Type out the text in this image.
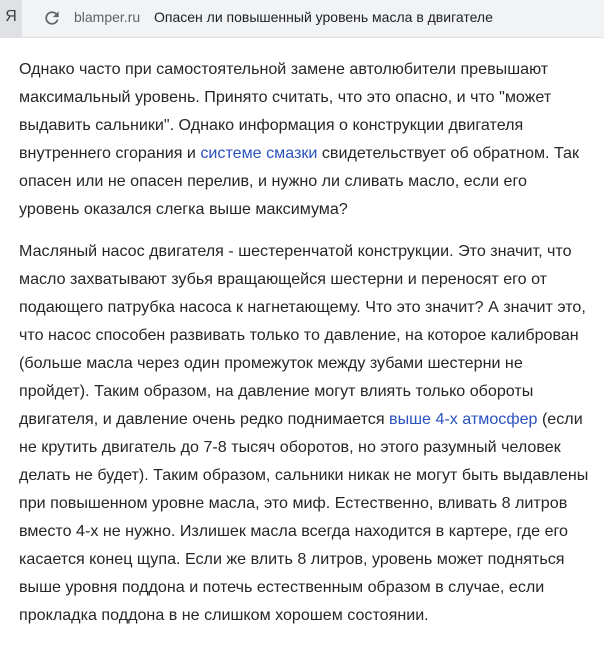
Я	blamper.ru Опасен ли повышенный уровень масла в двигателе

Однако часто при самостоятельной замене автолюбители превышают максимальный уровень. Принято считать, что это опасно, и что "может выдавить сальники". Однако информация о конструкции двигателя внутреннего сгорания и системе смазки свидетельствует об обратном. Так опасен или не опасен перелив, и нужно ли сливать масло, если его уровень оказался слегка выше максимума?

Масляный насос двигателя - шестеренчатой конструкции. Это значит, что масло захватывают зубья вращающейся шестерни и переносят его от подающего патрубка насоса к нагнетающему. Что это значит? А значит это, что насос способен развивать только то давление, на которое калиброван (больше масла через один промежуток между зубами шестерни не пройдет). Таким образом, на давление могут влиять только обороты двигателя, и давление очень редко поднимается выше 4-х атмосфер (если не крутить двигатель до 7-8 тысяч оборотов, но этого разумный человек делать не будет). Таким образом, сальники никак не могут быть выдавлены при повышенном уровне масла, это миф. Естественно, вливать 8 литров вместо 4-х не нужно. Излишек масла всегда находится в картере, где его касается конец щупа. Если же влить 8 литров, уровень может подняться выше уровня поддона и потечь естественным образом в случае, если прокладка поддона в не слишком хорошем состоянии.
